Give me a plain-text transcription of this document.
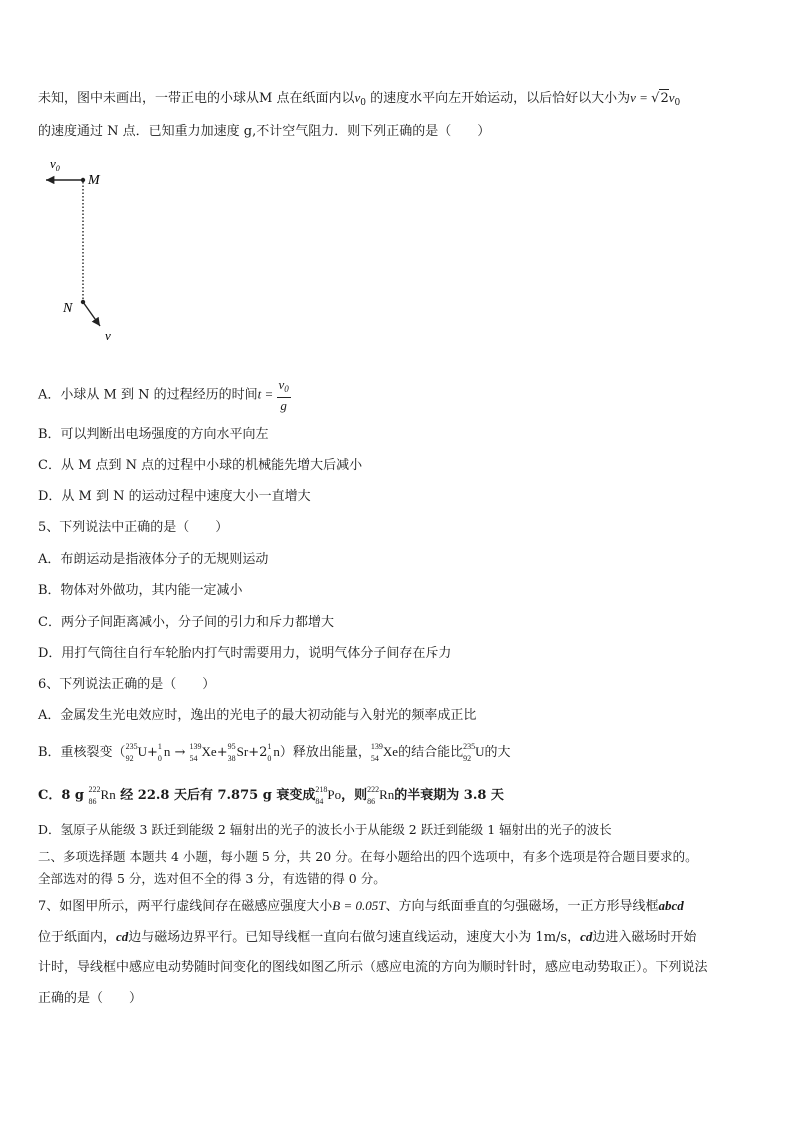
未知，图中未画出，一带正电的小球从M 点在纸面内以$v_0$ 的速度水平向左开始运动，以后恰好以大小为$v = √2v_0$
的速度通过 N 点．已知重力加速度 g,不计空气阻力．则下列正确的是（　　）
$v_0$
M
N
v
A．小球从 M 到 N 的过程经历的时间$t = \frac{v_0}{g}$
B．可以判断出电场强度的方向水平向左
C．从 M 点到 N 点的过程中小球的机械能先增大后减小
D．从 M 到 N 的运动过程中速度大小一直增大
5、下列说法中正确的是（　　）
A．布朗运动是指液体分子的无规则运动
B．物体对外做功，其内能一定减小
C．两分子间距离减小，分子间的引力和斥力都增大
D．用打气筒往自行车轮胎内打气时需要用力，说明气体分子间存在斥力
6、下列说法正确的是（　　）
A．金属发生光电效应时，逸出的光电子的最大初动能与入射光的频率成正比
B．重核裂变（ 235
92 U+ 1
0 n → 139
54 Xe+ 95
38 Sr+2 1
0 n）释放出能量， 139
54 Xe的结合能比 235
92 U的大
C．8 g 222
86 Rn 经 22.8 天后有 7.875 g 衰变成 218
84 Po，则 222
86 Rn的半衰期为 3.8 天
D．氢原子从能级 3 跃迁到能级 2 辐射出的光子的波长小于从能级 2 跃迁到能级 1 辐射出的光子的波长
二、多项选择题 本题共 4 小题，每小题 5 分，共 20 分。在每小题给出的四个选项中，有多个选项是符合题目要求的。
全部选对的得 5 分，选对但不全的得 3 分，有选错的得 0 分。
7、如图甲所示，两平行虚线间存在磁感应强度大小B = 0.05T、方向与纸面垂直的匀强磁场，一正方形导线框abcd
位于纸面内，cd边与磁场边界平行。已知导线框一直向右做匀速直线运动，速度大小为 1m/s，cd边进入磁场时开始
计时，导线框中感应电动势随时间变化的图线如图乙所示（感应电流的方向为顺时针时，感应电动势取正）。下列说法
正确的是（　　）
